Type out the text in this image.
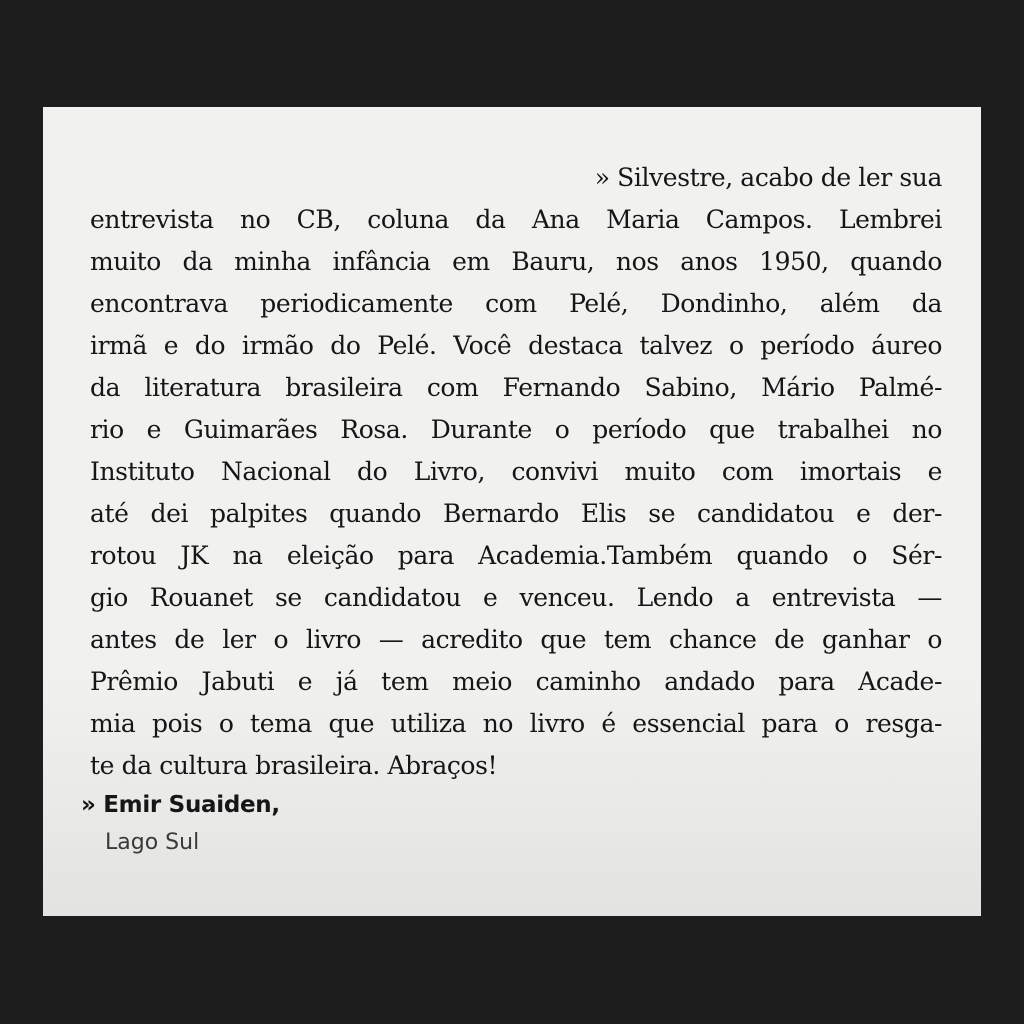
» Silvestre, acabo de ler sua
entrevista no CB, coluna da Ana Maria Campos. Lembrei
muito da minha infância em Bauru, nos anos 1950, quando
encontrava periodicamente com Pelé, Dondinho, além da
irmã e do irmão do Pelé. Você destaca talvez o período áureo
da literatura brasileira com Fernando Sabino, Mário Palmé-
rio e Guimarães Rosa. Durante o período que trabalhei no
Instituto Nacional do Livro, convivi muito com imortais e
até dei palpites quando Bernardo Elis se candidatou e der-
rotou JK na eleição para Academia.Também quando o Sér-
gio Rouanet se candidatou e venceu. Lendo a entrevista —
antes de ler o livro — acredito que tem chance de ganhar o
Prêmio Jabuti e já tem meio caminho andado para Acade-
mia pois o tema que utiliza no livro é essencial para o resga-
te da cultura brasileira. Abraços!
» Emir Suaiden,
Lago Sul
